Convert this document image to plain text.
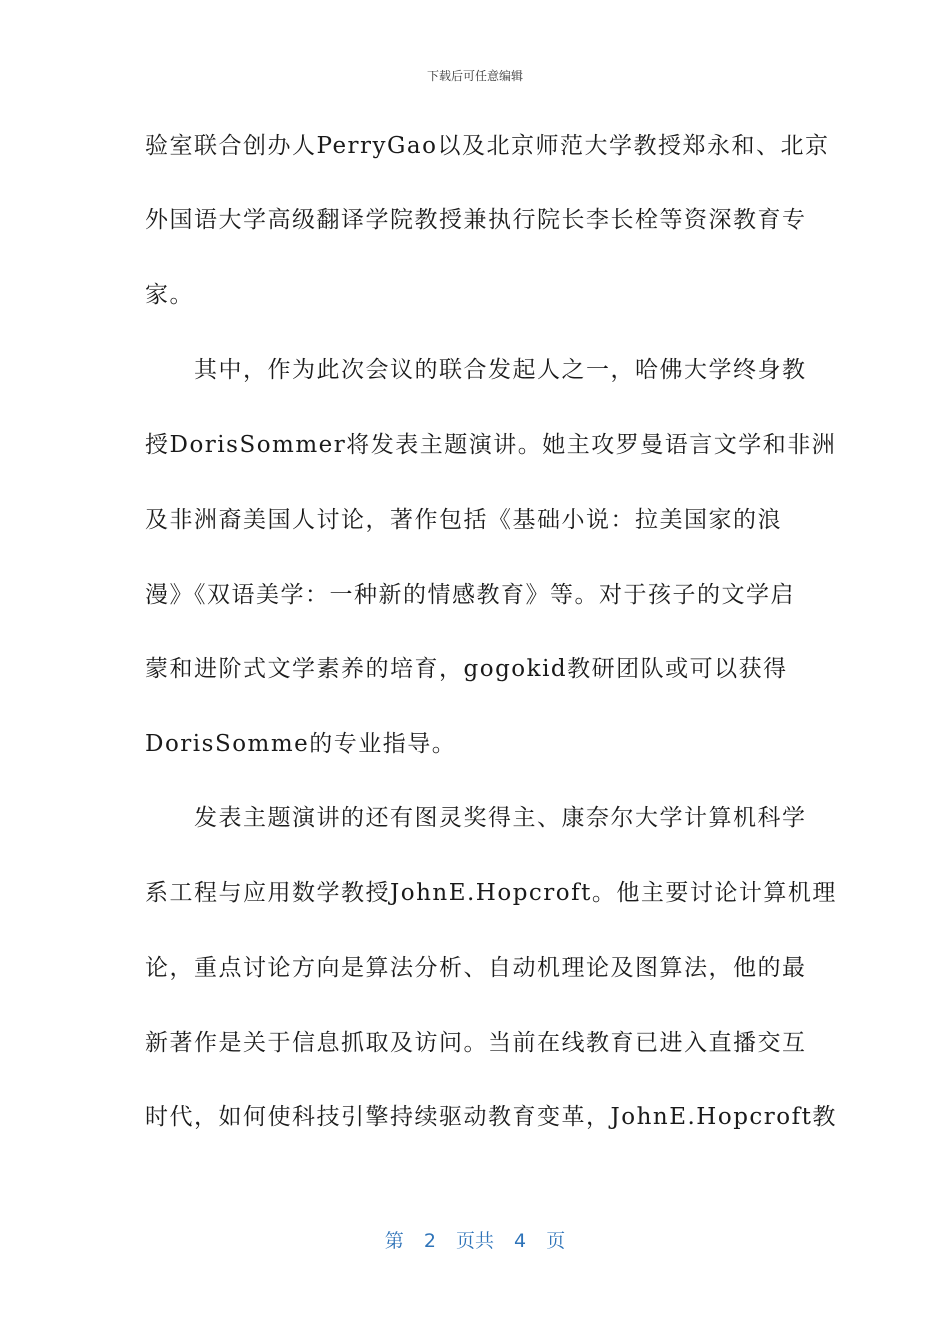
下载后可任意编辑
验室联合创办人PerryGao以及北京师范大学教授郑永和、北京
外国语大学高级翻译学院教授兼执行院长李长栓等资深教育专
家。
　　其中，作为此次会议的联合发起人之一，哈佛大学终身教
授DorisSommer将发表主题演讲。她主攻罗曼语言文学和非洲
及非洲裔美国人讨论，著作包括《基础小说：拉美国家的浪
漫》《双语美学：一种新的情感教育》等。对于孩子的文学启
蒙和进阶式文学素养的培育，gogokid教研团队或可以获得
DorisSomme的专业指导。
　　发表主题演讲的还有图灵奖得主、康奈尔大学计算机科学
系工程与应用数学教授JohnE.Hopcroft。他主要讨论计算机理
论，重点讨论方向是算法分析、自动机理论及图算法，他的最
新著作是关于信息抓取及访问。当前在线教育已进入直播交互
时代，如何使科技引擎持续驱动教育变革，JohnE.Hopcroft教
第 2 页共 4 页
